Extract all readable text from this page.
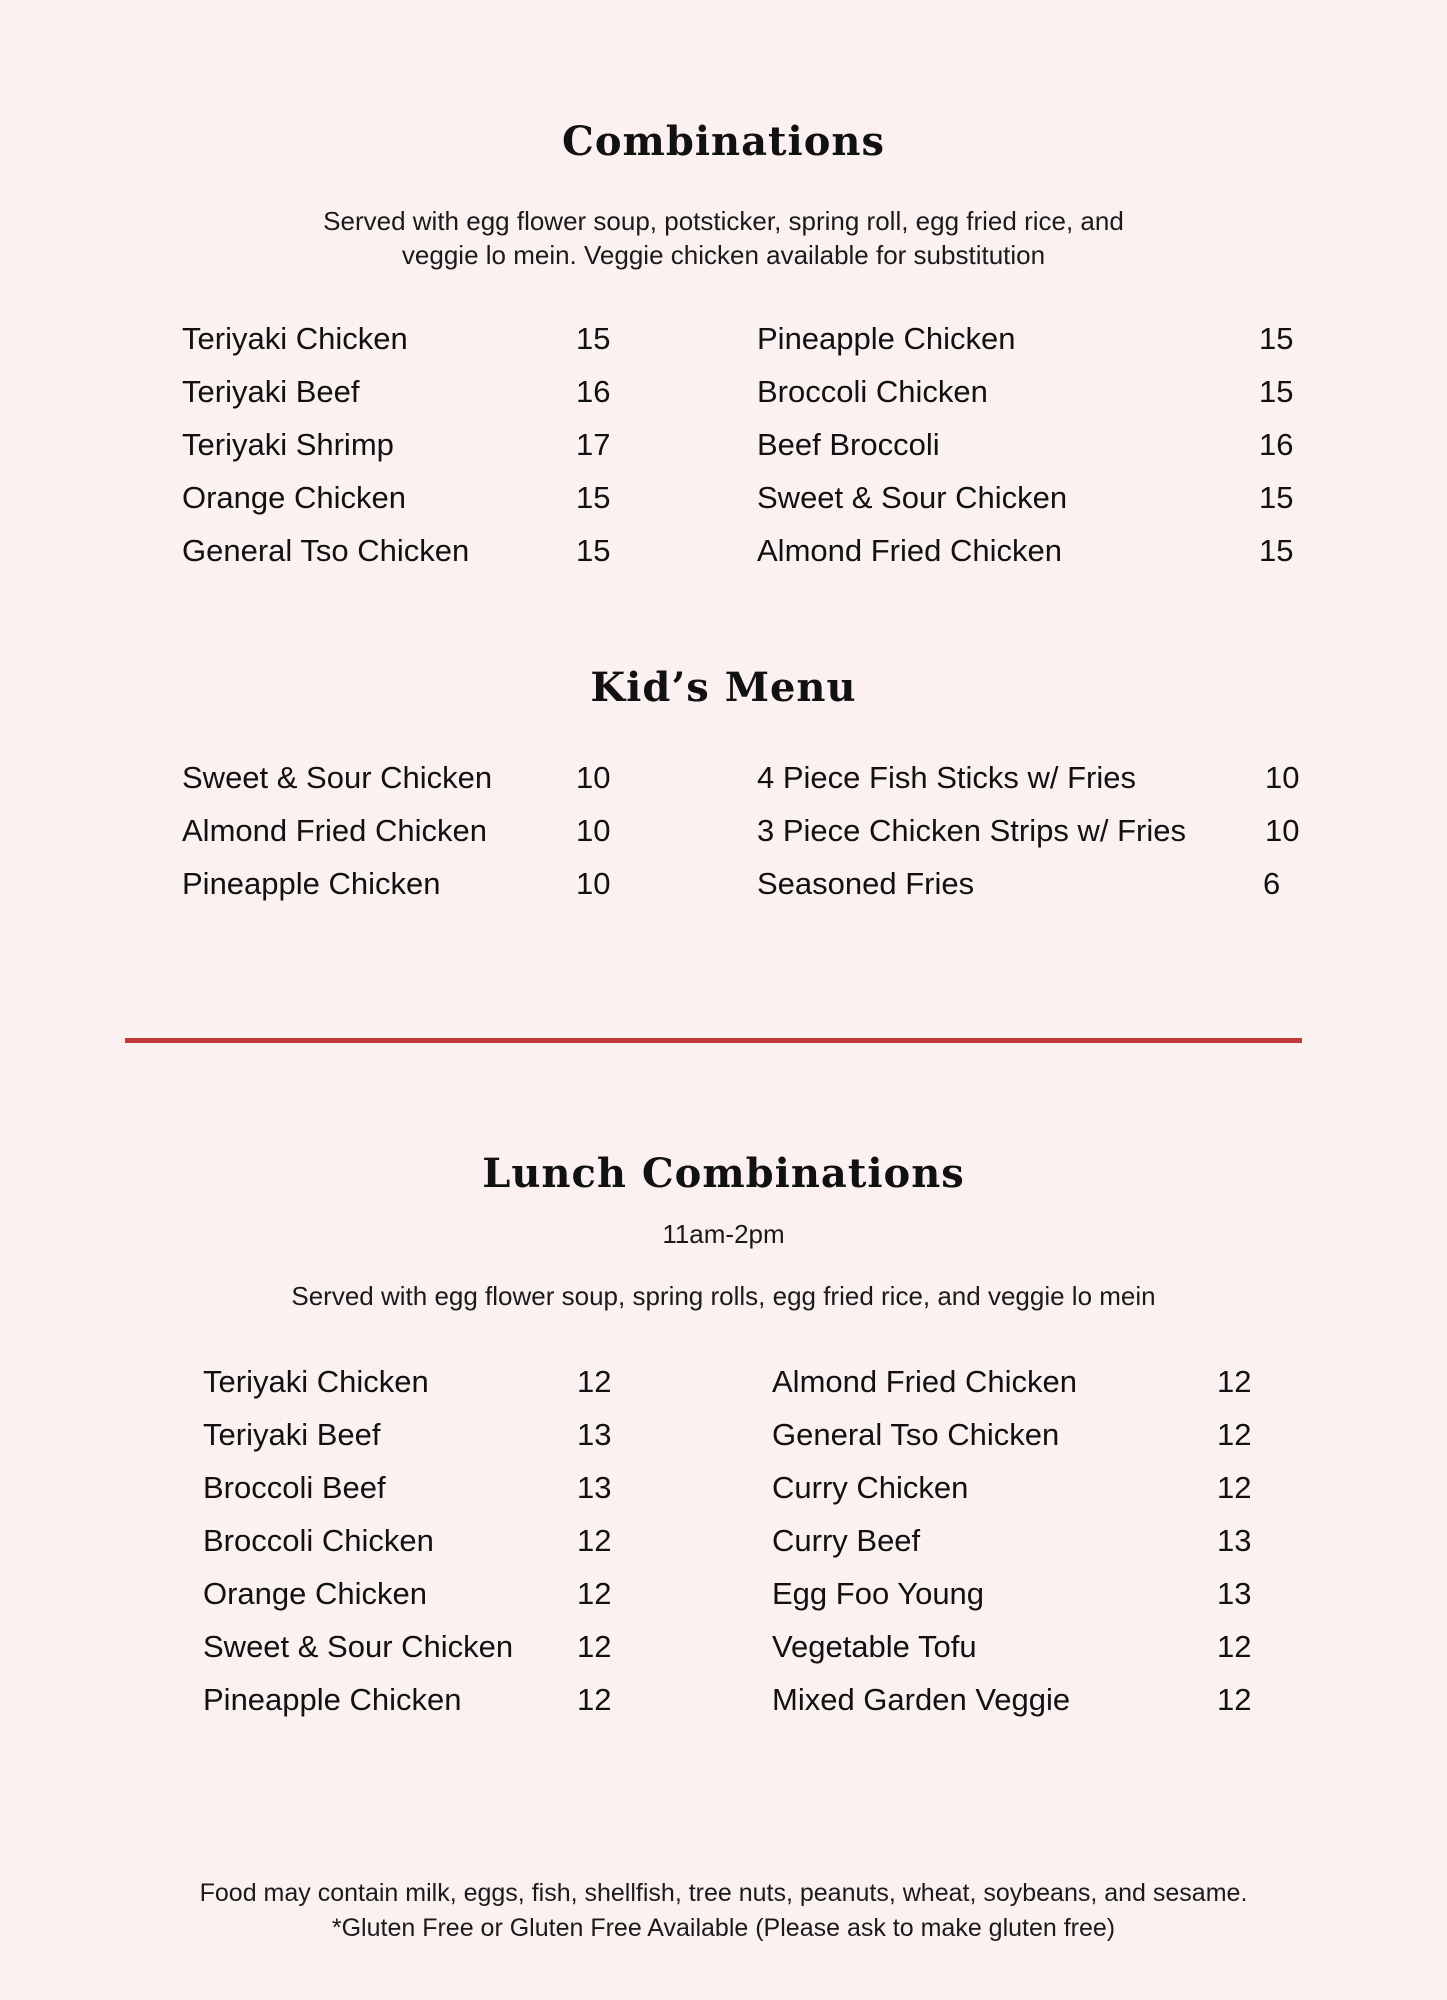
Combinations
Served with egg flower soup, potsticker, spring roll, egg fried rice, and
veggie lo mein. Veggie chicken available for substitution
Teriyaki Chicken	15
Teriyaki Beef	16
Teriyaki Shrimp	17
Orange Chicken	15
General Tso Chicken	15
Pineapple Chicken	15
Broccoli Chicken	15
Beef Broccoli	16
Sweet & Sour Chicken	15
Almond Fried Chicken	15
Kid’s Menu
Sweet & Sour Chicken	10
Almond Fried Chicken	10
Pineapple Chicken	10
4 Piece Fish Sticks w/ Fries	10
3 Piece Chicken Strips w/ Fries	10
Seasoned Fries	6
Lunch Combinations
11am-2pm
Served with egg flower soup, spring rolls, egg fried rice, and veggie lo mein
Teriyaki Chicken	12
Teriyaki Beef	13
Broccoli Beef	13
Broccoli Chicken	12
Orange Chicken	12
Sweet & Sour Chicken 12
Pineapple Chicken	12
Almond Fried Chicken	12
General Tso Chicken	12
Curry Chicken	12
Curry Beef	13
Egg Foo Young	13
Vegetable Tofu	12
Mixed Garden Veggie	12
Food may contain milk, eggs, fish, shellfish, tree nuts, peanuts, wheat, soybeans, and sesame.
*Gluten Free or Gluten Free Available (Please ask to make gluten free)
